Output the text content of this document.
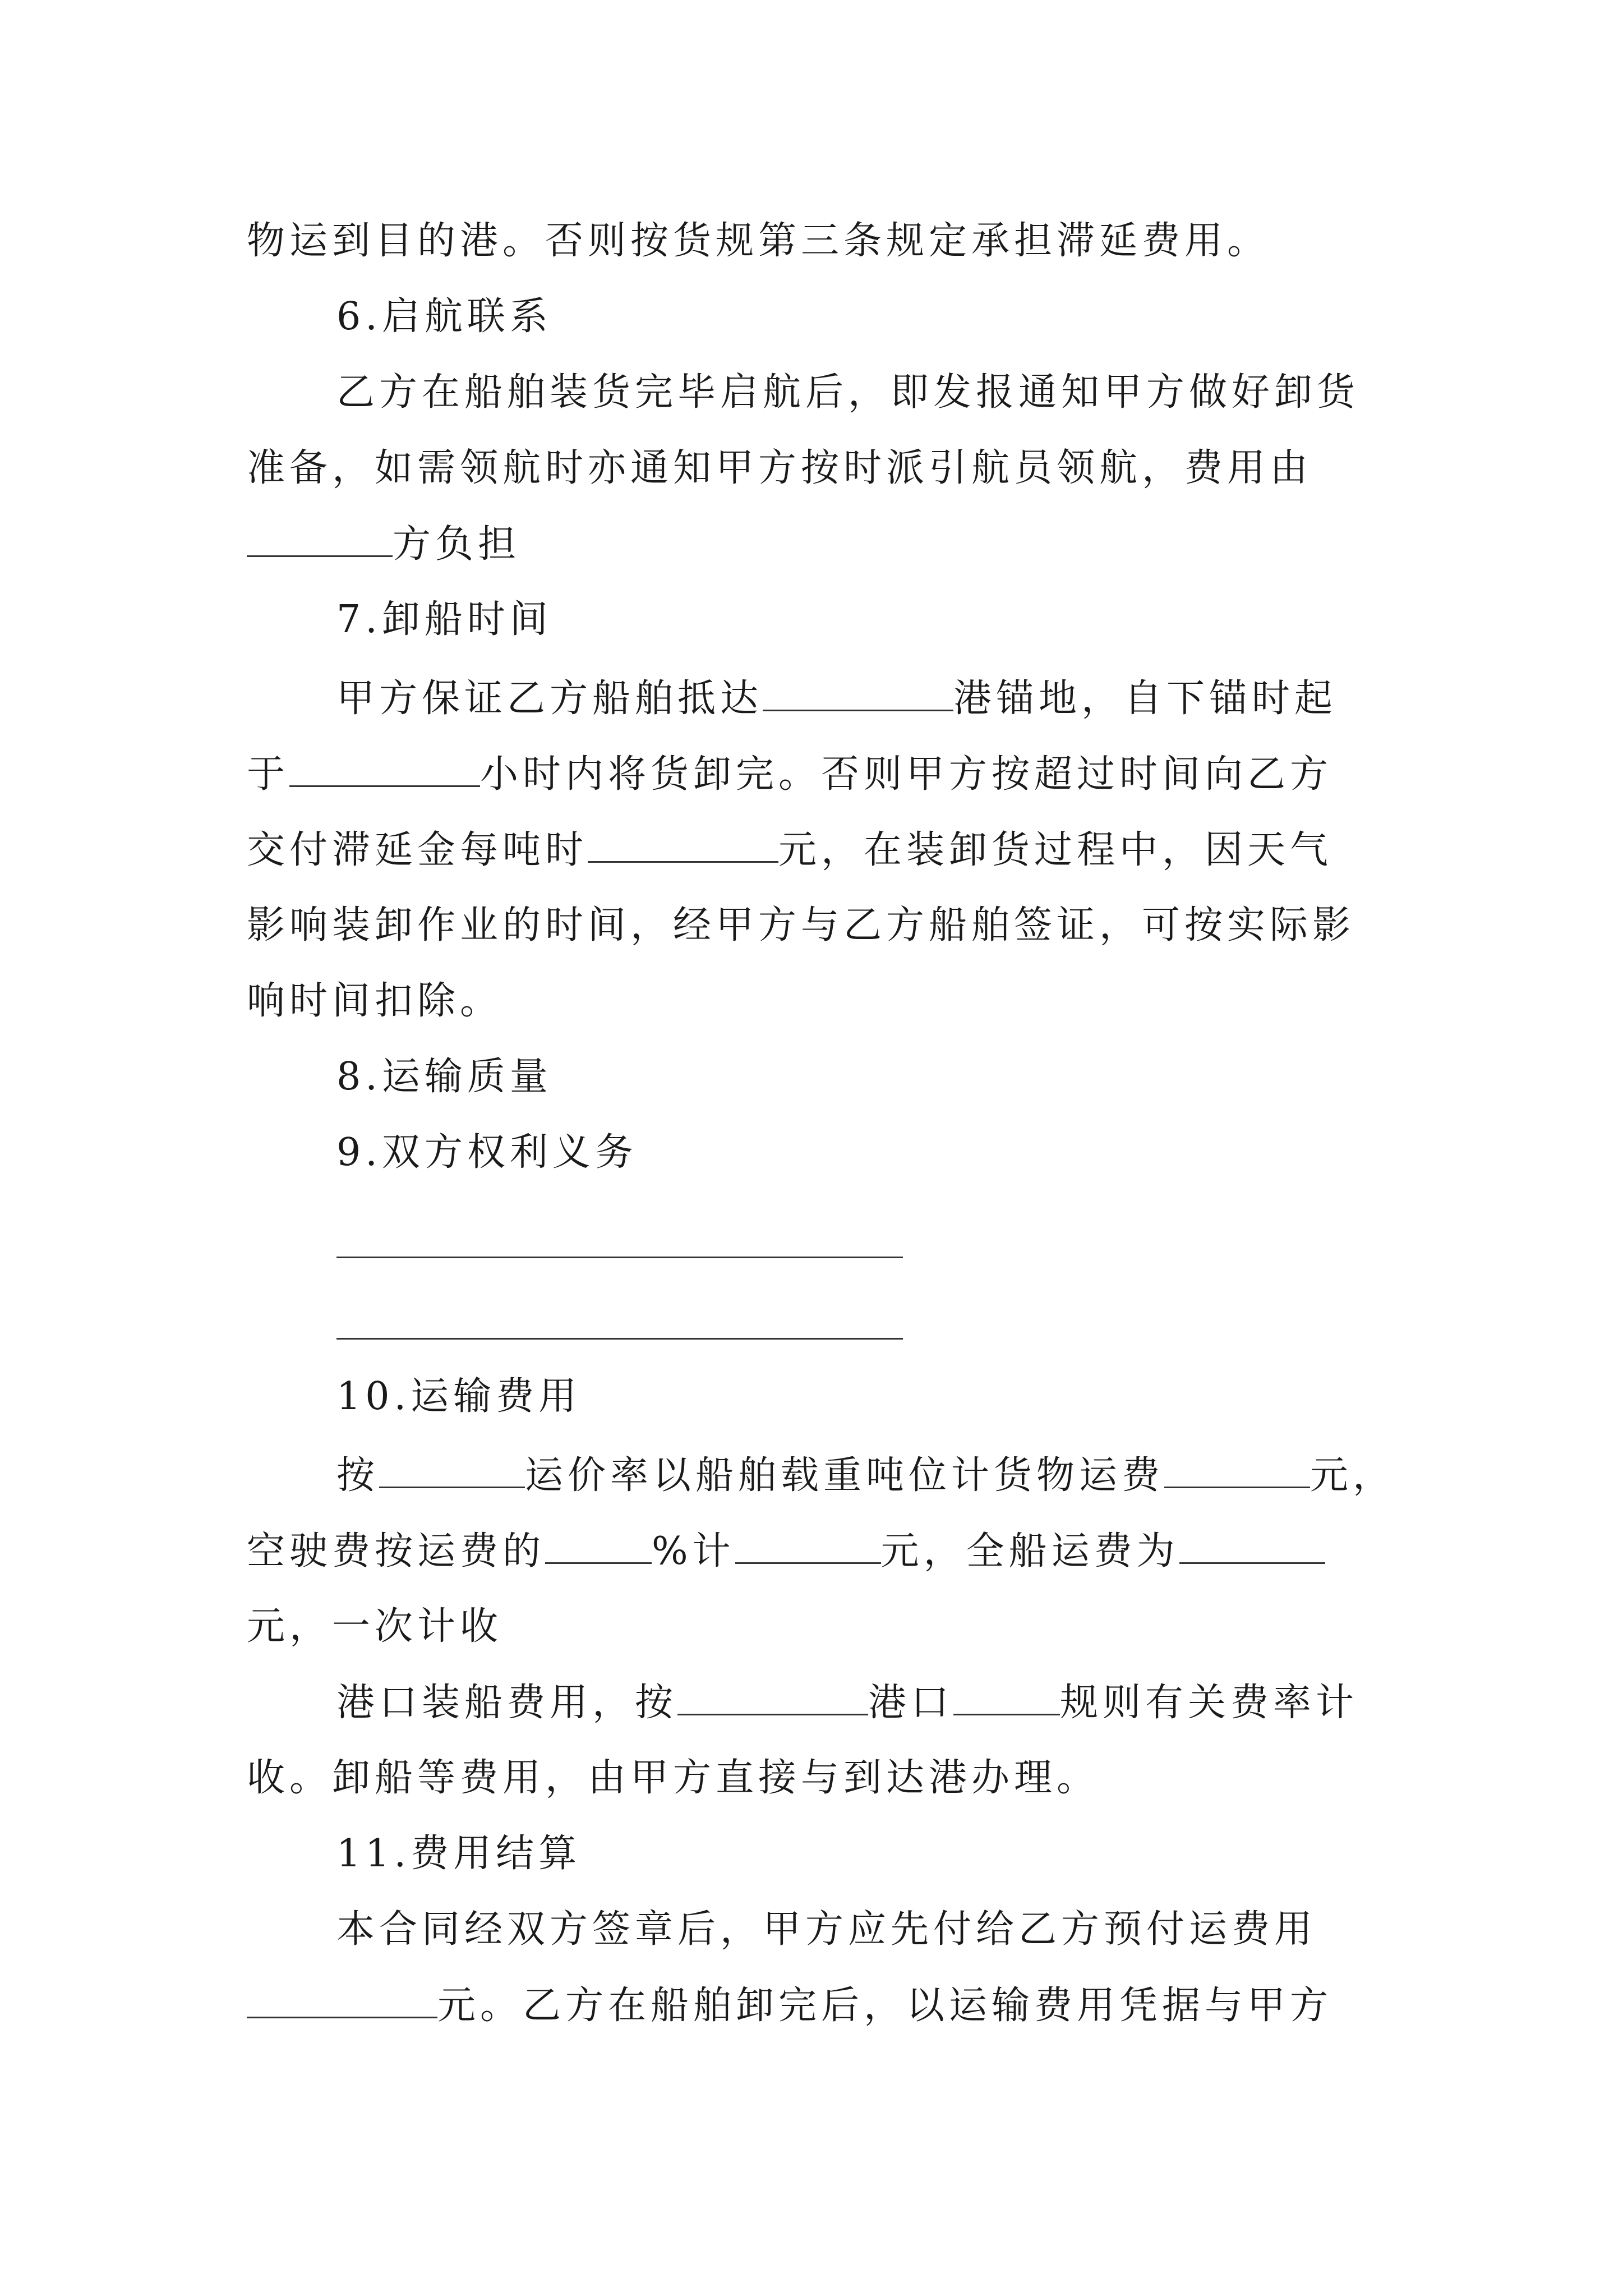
物运到目的港。否则按货规第三条规定承担滞延费用。
6.启航联系
乙方在船舶装货完毕启航后，即发报通知甲方做好卸货
准备，如需领航时亦通知甲方按时派引航员领航，费用由
方负担
7.卸船时间
甲方保证乙方船舶抵达	港锚地，自下锚时起
于	小时内将货卸完。否则甲方按超过时间向乙方
交付滞延金每吨时	元，在装卸货过程中，因天气
影响装卸作业的时间，经甲方与乙方船舶签证，可按实际影
响时间扣除。
8.运输质量
9.双方权利义务
10.运输费用
按	运价率以船舶载重吨位计货物运费	元，
空驶费按运费的	%计	元，全船运费为
元，一次计收
港口装船费用，按	港口	规则有关费率计
收。卸船等费用，由甲方直接与到达港办理。
11.费用结算
本合同经双方签章后，甲方应先付给乙方预付运费用
元。乙方在船舶卸完后，以运输费用凭据与甲方
